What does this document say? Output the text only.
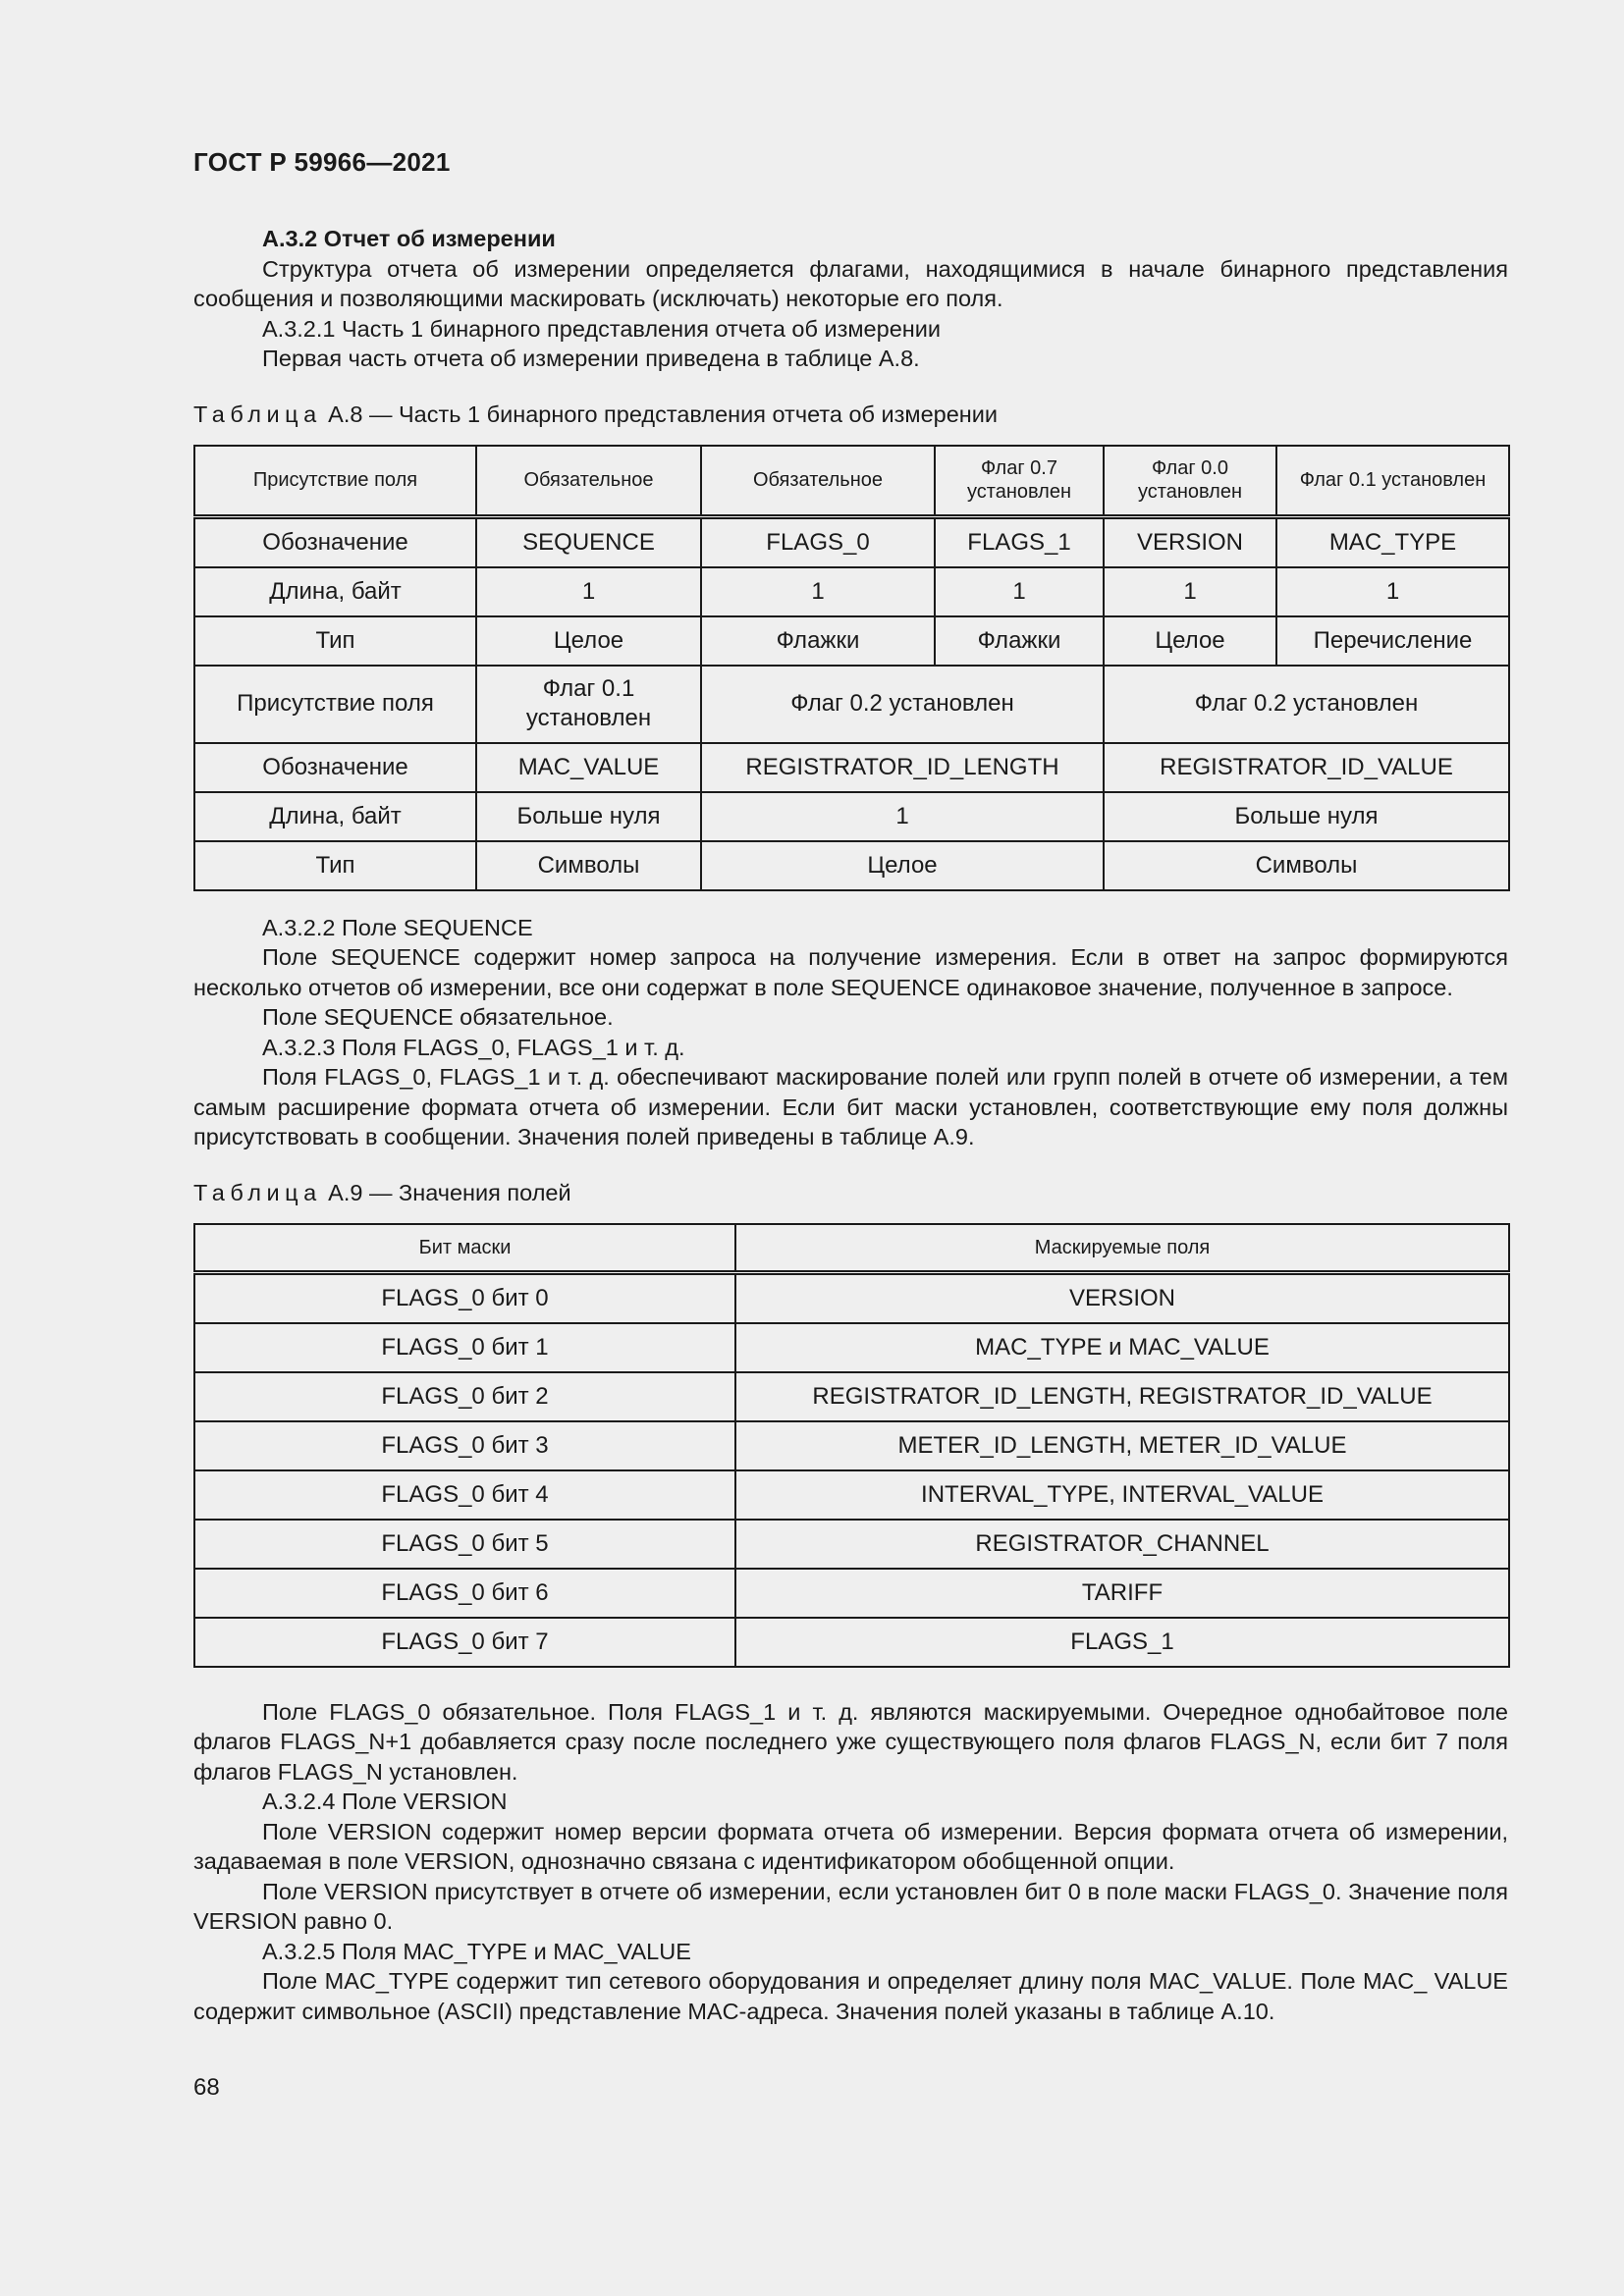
ГОСТ Р 59966—2021

А.3.2 Отчет об измерении

Структура отчета об измерении определяется флагами, находящимися в начале бинарного представления сообщения и позволяющими маскировать (исключать) некоторые его поля.

А.3.2.1 Часть 1 бинарного представления отчета об измерении

Первая часть отчета об измерении приведена в таблице А.8.

Таблица А.8 — Часть 1 бинарного представления отчета об измерении

Присутствие поля	Обязательное	Обязательное	Флаг 0.7 установлен	Флаг 0.0 установлен	Флаг 0.1 установлен
Обозначение	SEQUENCE	FLAGS_0	FLAGS_1	VERSION	MAC_TYPE
Длина, байт	1	1	1	1	1
Тип	Целое	Флажки	Флажки	Целое	Перечисление
Присутствие поля	Флаг 0.1 установлен	Флаг 0.2 установлен		Флаг 0.2 установлен	
Обозначение	MAC_VALUE	REGISTRATOR_ID_LENGTH		REGISTRATOR_ID_VALUE	
Длина, байт	Больше нуля	1		Больше нуля	
Тип	Символы	Целое		Символы	

А.3.2.2 Поле SEQUENCE

Поле SEQUENCE содержит номер запроса на получение измерения. Если в ответ на запрос формируются несколько отчетов об измерении, все они содержат в поле SEQUENCE одинаковое значение, полученное в запросе.

Поле SEQUENCE обязательное.

А.3.2.3 Поля FLAGS_0, FLAGS_1 и т. д.

Поля FLAGS_0, FLAGS_1 и т. д. обеспечивают маскирование полей или групп полей в отчете об измерении, а тем самым расширение формата отчета об измерении. Если бит маски установлен, соответствующие ему поля должны присутствовать в сообщении. Значения полей приведены в таблице А.9.

Таблица А.9 — Значения полей

Бит маски	Маскируемые поля
FLAGS_0 бит 0	VERSION
FLAGS_0 бит 1	MAC_TYPE и MAC_VALUE
FLAGS_0 бит 2	REGISTRATOR_ID_LENGTH, REGISTRATOR_ID_VALUE
FLAGS_0 бит 3	METER_ID_LENGTH, METER_ID_VALUE
FLAGS_0 бит 4	INTERVAL_TYPE, INTERVAL_VALUE
FLAGS_0 бит 5	REGISTRATOR_CHANNEL
FLAGS_0 бит 6	TARIFF
FLAGS_0 бит 7	FLAGS_1

Поле FLAGS_0 обязательное. Поля FLAGS_1 и т. д. являются маскируемыми. Очередное однобайтовое поле флагов FLAGS_N+1 добавляется сразу после последнего уже существующего поля флагов FLAGS_N, если бит 7 поля флагов FLAGS_N установлен.

А.3.2.4 Поле VERSION

Поле VERSION содержит номер версии формата отчета об измерении. Версия формата отчета об измерении, задаваемая в поле VERSION, однозначно связана с идентификатором обобщенной опции.

Поле VERSION присутствует в отчете об измерении, если установлен бит 0 в поле маски FLAGS_0. Значение поля VERSION равно 0.

А.3.2.5 Поля MAC_TYPE и MAC_VALUE

Поле MAC_TYPE содержит тип сетевого оборудования и определяет длину поля MAC_VALUE. Поле MAC_ VALUE содержит символьное (ASCII) представление MAC-адреса. Значения полей указаны в таблице А.10.

68
